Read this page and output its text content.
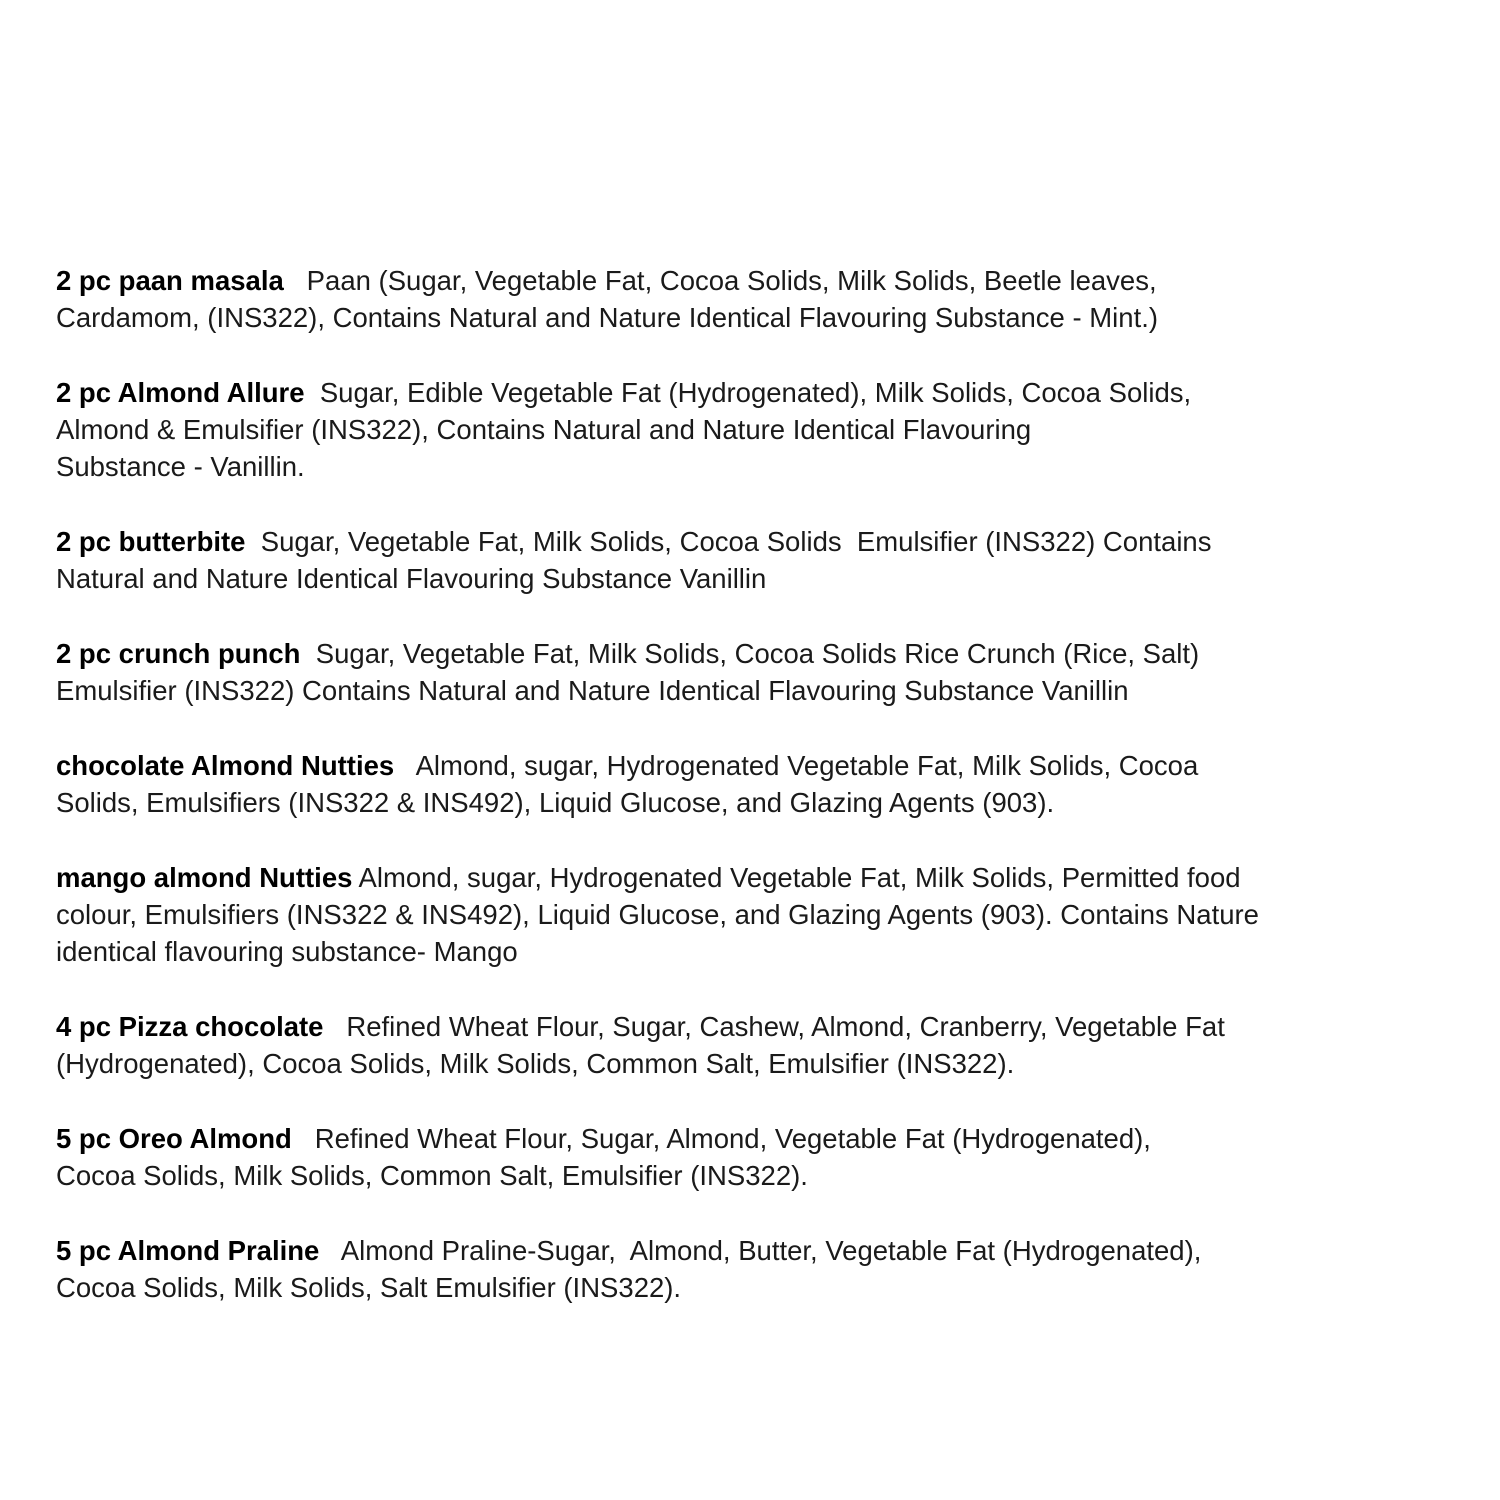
2 pc paan masala   Paan (Sugar, Vegetable Fat, Cocoa Solids, Milk Solids, Beetle leaves,
Cardamom, (INS322), Contains Natural and Nature Identical Flavouring Substance - Mint.)
2 pc Almond Allure  Sugar, Edible Vegetable Fat (Hydrogenated), Milk Solids, Cocoa Solids,
Almond & Emulsifier (INS322), Contains Natural and Nature Identical Flavouring
Substance - Vanillin.
2 pc butterbite  Sugar, Vegetable Fat, Milk Solids, Cocoa Solids  Emulsifier (INS322) Contains
Natural and Nature Identical Flavouring Substance Vanillin
2 pc crunch punch  Sugar, Vegetable Fat, Milk Solids, Cocoa Solids Rice Crunch (Rice, Salt)
Emulsifier (INS322) Contains Natural and Nature Identical Flavouring Substance Vanillin
chocolate Almond Nutties   Almond, sugar, Hydrogenated Vegetable Fat, Milk Solids, Cocoa
Solids, Emulsifiers (INS322 & INS492), Liquid Glucose, and Glazing Agents (903).
mango almond Nutties Almond, sugar, Hydrogenated Vegetable Fat, Milk Solids, Permitted food
colour, Emulsifiers (INS322 & INS492), Liquid Glucose, and Glazing Agents (903). Contains Nature
identical flavouring substance- Mango
4 pc Pizza chocolate   Refined Wheat Flour, Sugar, Cashew, Almond, Cranberry, Vegetable Fat
(Hydrogenated), Cocoa Solids, Milk Solids, Common Salt, Emulsifier (INS322).
5 pc Oreo Almond   Refined Wheat Flour, Sugar, Almond, Vegetable Fat (Hydrogenated),
Cocoa Solids, Milk Solids, Common Salt, Emulsifier (INS322).
5 pc Almond Praline   Almond Praline-Sugar,  Almond, Butter, Vegetable Fat (Hydrogenated),
Cocoa Solids, Milk Solids, Salt Emulsifier (INS322).
